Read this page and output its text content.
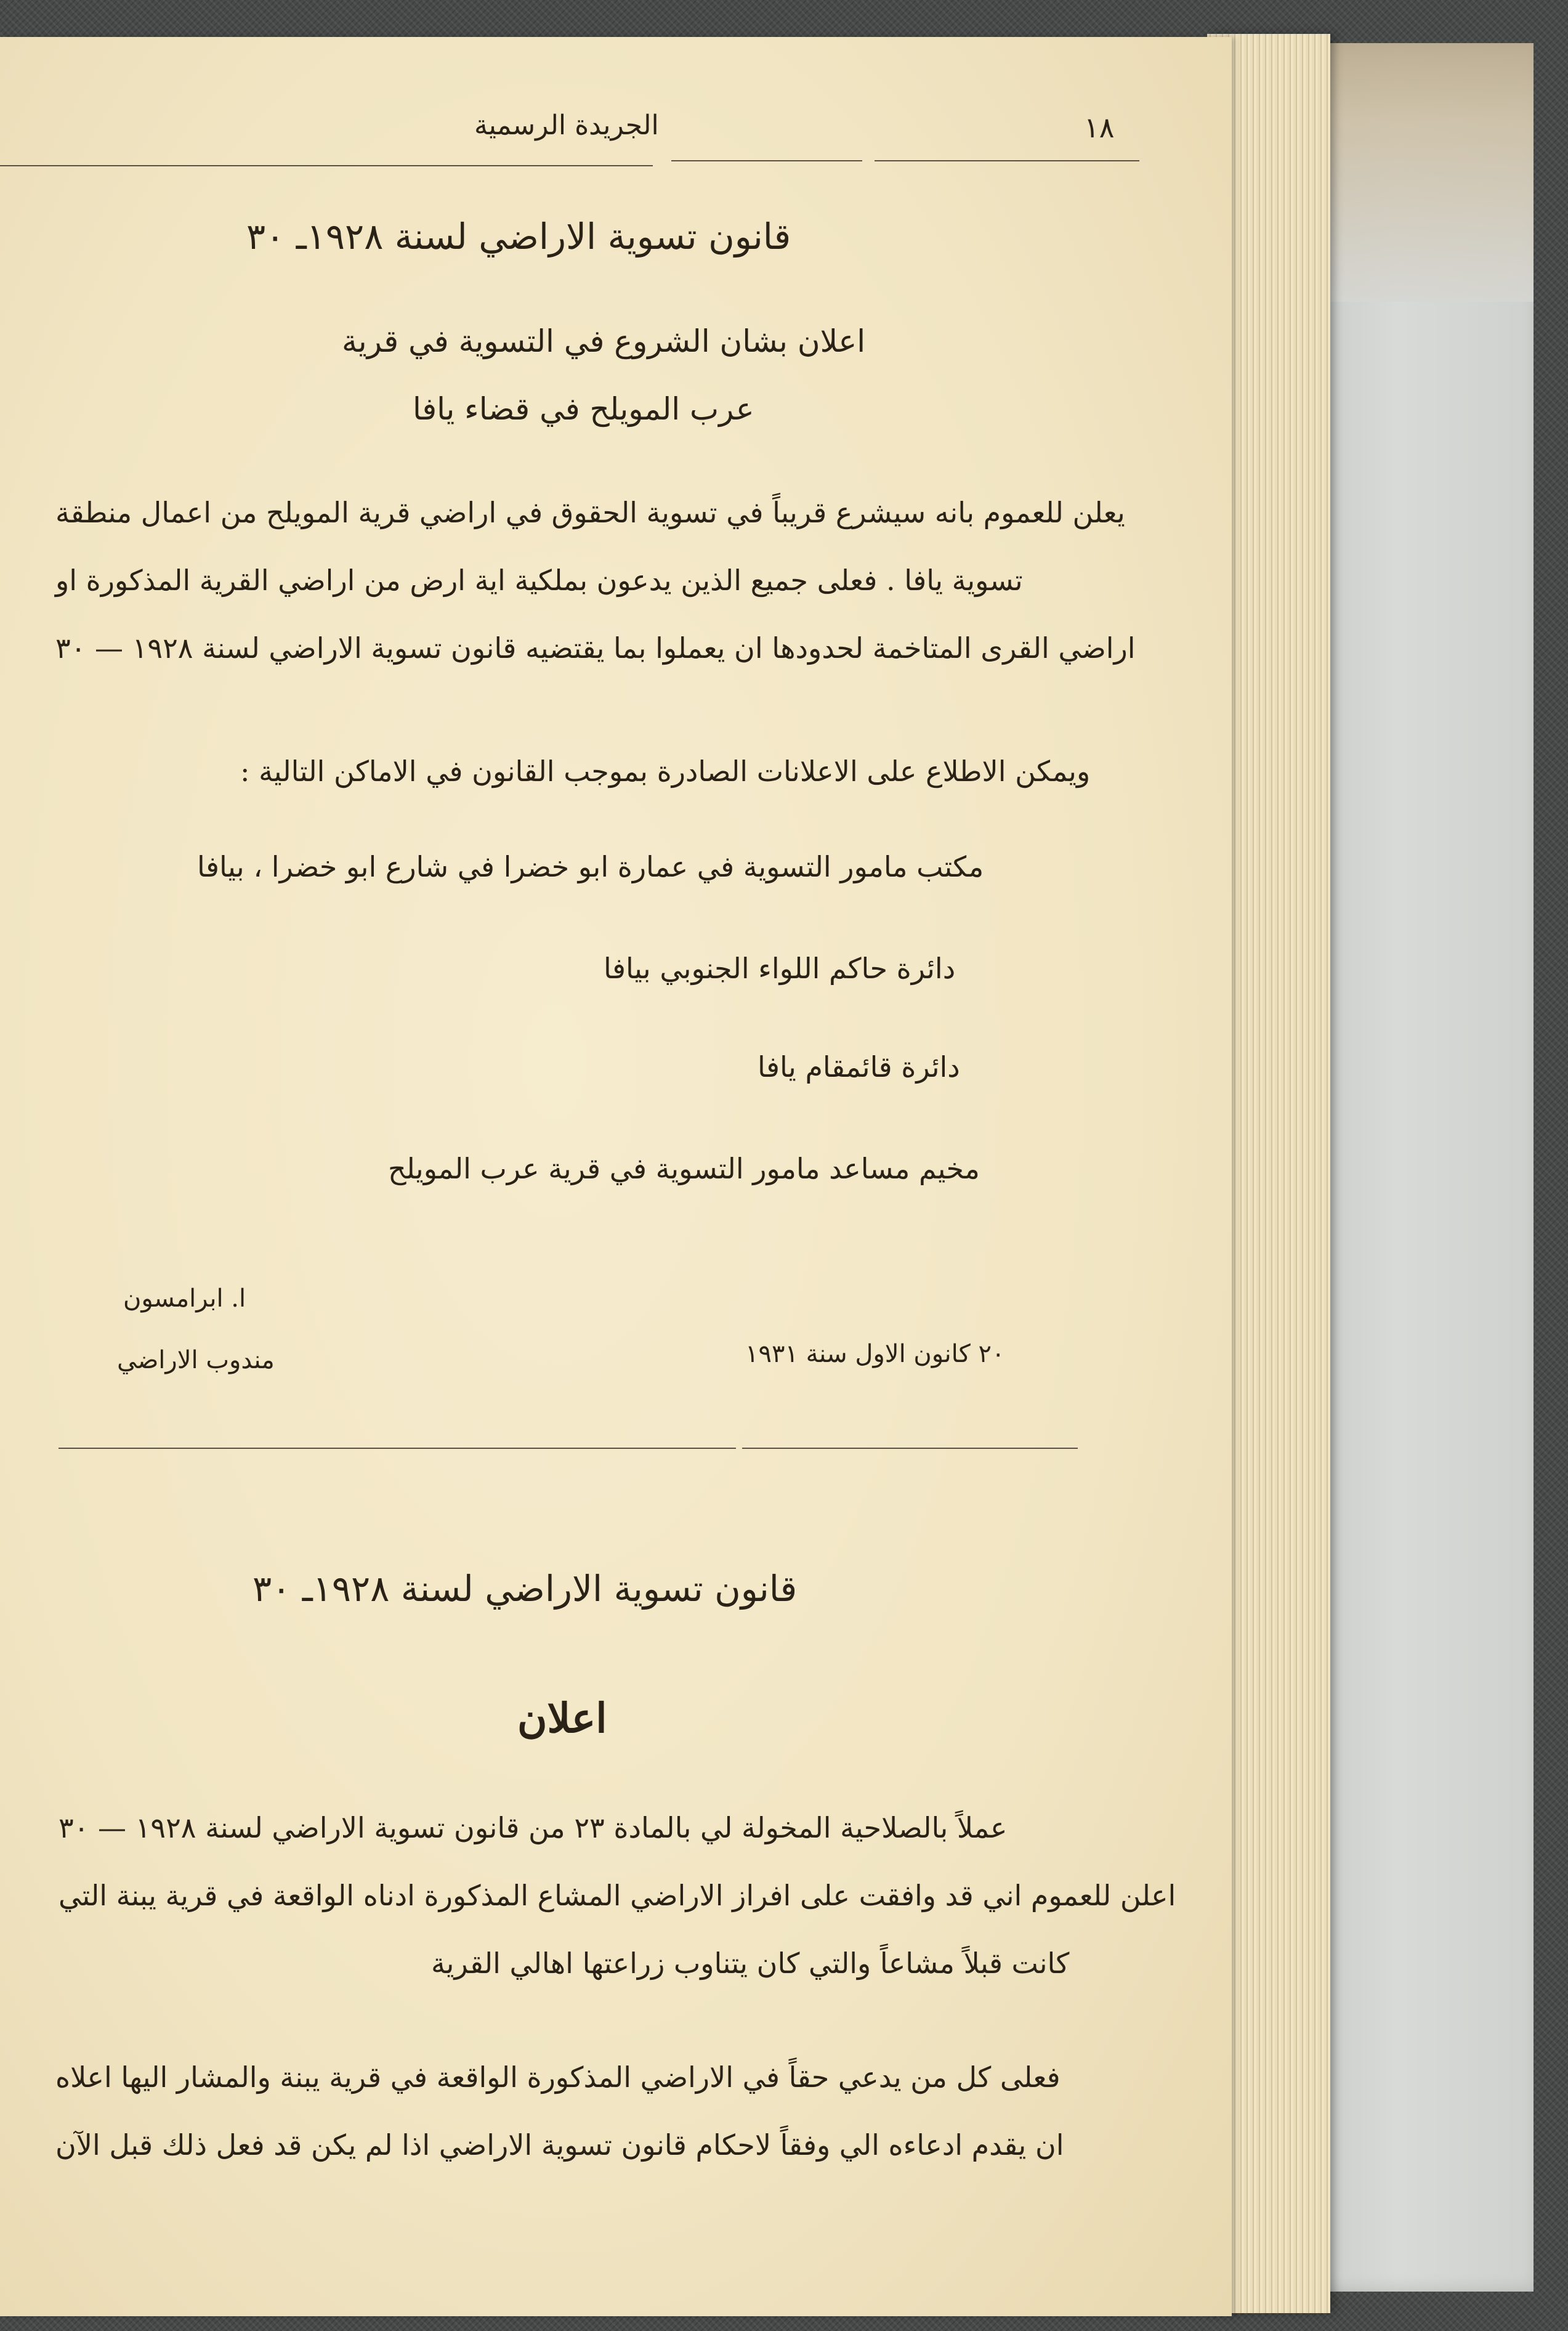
١٨
الجريدة الرسمية
قانون تسوية الاراضي لسنة ١٩٢٨ـ ٣٠
اعلان بشان الشروع في التسوية في قرية
عرب المويلح في قضاء يافا
يعلن للعموم بانه سيشرع قريباً في تسوية الحقوق في اراضي قرية المويلح من اعمال منطقة
تسوية يافا . فعلى جميع الذين يدعون بملكية اية ارض من اراضي القرية المذكورة او
اراضي القرى المتاخمة لحدودها ان يعملوا بما يقتضيه قانون تسوية الاراضي لسنة ١٩٢٨ — ٣٠
ويمكن الاطلاع على الاعلانات الصادرة بموجب القانون في الاماكن التالية :
مكتب مامور التسوية في عمارة ابو خضرا في شارع ابو خضرا ، بيافا
دائرة حاكم اللواء الجنوبي بيافا
دائرة قائمقام يافا
مخيم مساعد مامور التسوية في قرية عرب المويلح
ا. ابرامسون
مندوب الاراضي	٢٠ كانون الاول سنة ١٩٣١
قانون تسوية الاراضي لسنة ١٩٢٨ـ ٣٠
اعلان
عملاً بالصلاحية المخولة لي بالمادة ٢٣ من قانون تسوية الاراضي لسنة ١٩٢٨ — ٣٠
اعلن للعموم اني قد وافقت على افراز الاراضي المشاع المذكورة ادناه الواقعة في قرية يبنة التي
كانت قبلاً مشاعاً والتي كان يتناوب زراعتها اهالي القرية
فعلى كل من يدعي حقاً في الاراضي المذكورة الواقعة في قرية يبنة والمشار اليها اعلاه
ان يقدم ادعاءه الي وفقاً لاحكام قانون تسوية الاراضي اذا لم يكن قد فعل ذلك قبل الآن
